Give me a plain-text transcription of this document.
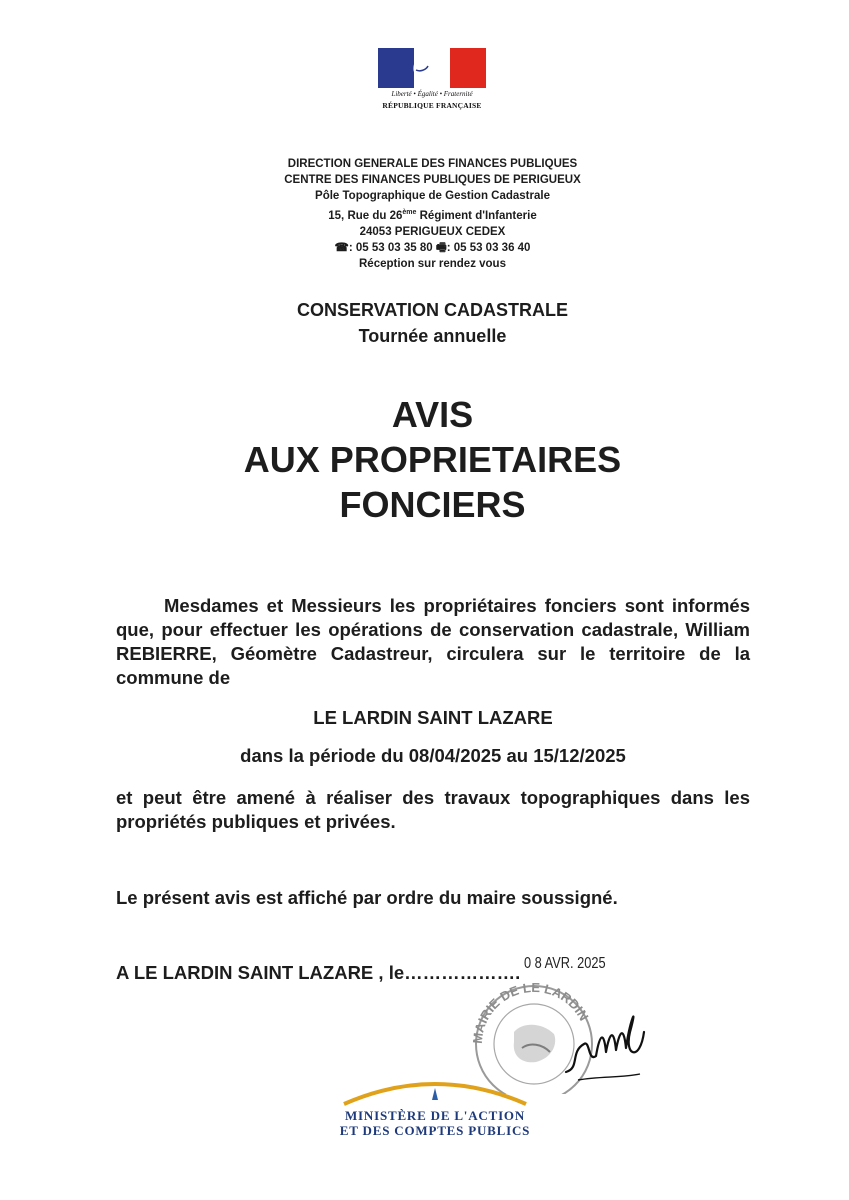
Liberté • Égalité • Fraternité
RÉPUBLIQUE FRANÇAISE
DIRECTION GENERALE DES FINANCES PUBLIQUES
CENTRE DES FINANCES PUBLIQUES DE PERIGUEUX
Pôle Topographique de Gestion Cadastrale
15, Rue du 26ème Régiment d'Infanterie
24053 PERIGUEUX CEDEX
☎: 05 53 03 35 80 🖷: 05 53 03 36 40
Réception sur rendez vous
CONSERVATION CADASTRALE
Tournée annuelle
AVIS
AUX PROPRIETAIRES
FONCIERS
Mesdames et Messieurs les propriétaires fonciers sont informés que, pour effectuer les opérations de conservation cadastrale, William REBIERRE, Géomètre Cadastreur, circulera sur le territoire de la commune de
LE LARDIN SAINT LAZARE
dans la période du 08/04/2025 au 15/12/2025
et peut être amené à réaliser des travaux topographiques dans les propriétés publiques et privées.
Le présent avis est affiché par ordre du maire soussigné.
A LE LARDIN SAINT LAZARE , le………………. 0 8 AVR. 2025
MAIRIE DE LE LARDIN
MINISTÈRE DE L'ACTION
ET DES COMPTES PUBLICS
